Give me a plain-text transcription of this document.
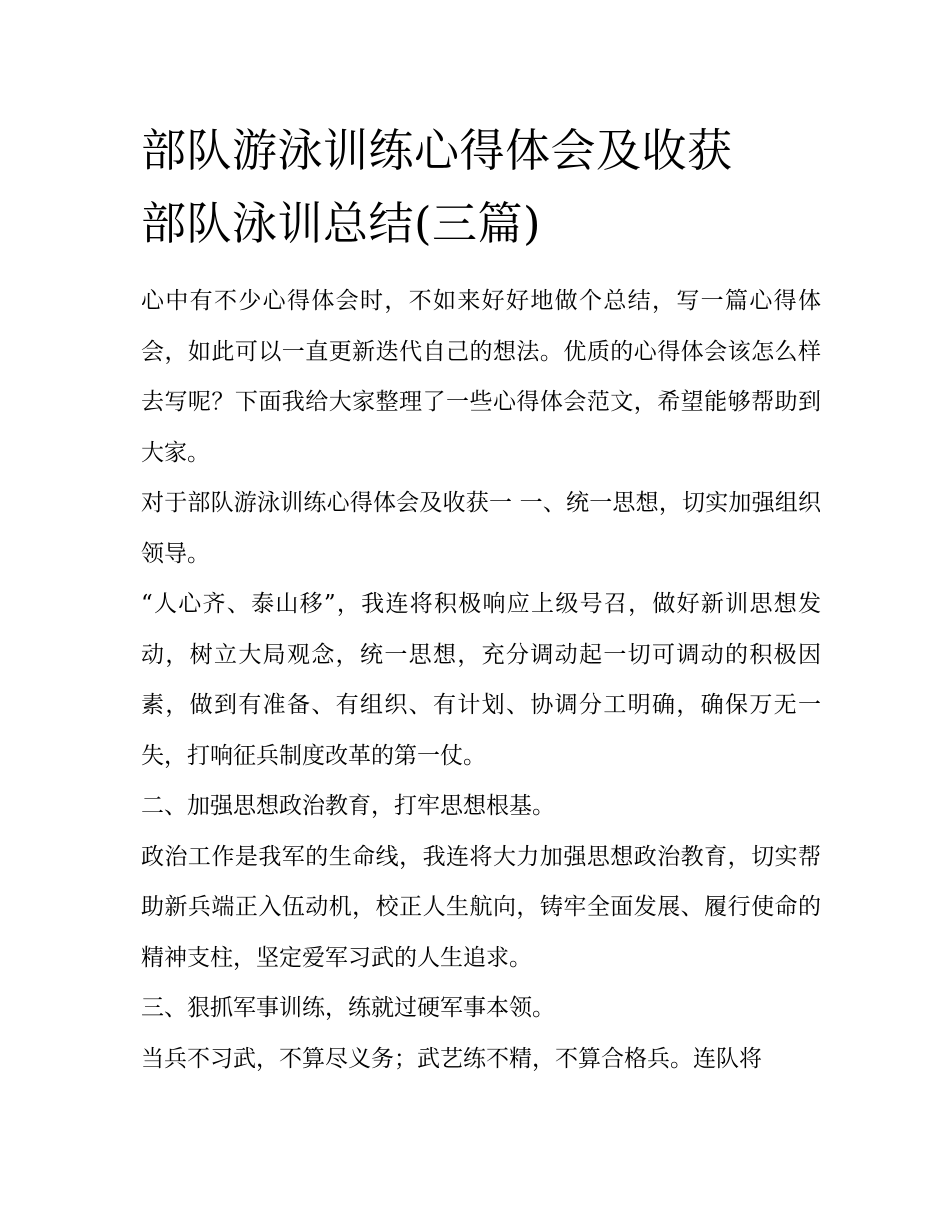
部队游泳训练心得体会及收获
部队泳训总结(三篇)

心中有不少心得体会时，不如来好好地做个总结，写一篇心得体会，如此可以一直更新迭代自己的想法。优质的心得体会该怎么样去写呢？下面我给大家整理了一些心得体会范文，希望能够帮助到大家。

对于部队游泳训练心得体会及收获一 一、统一思想，切实加强组织领导。

“人心齐、泰山移”，我连将积极响应上级号召，做好新训思想发动，树立大局观念，统一思想，充分调动起一切可调动的积极因素，做到有准备、有组织、有计划、协调分工明确，确保万无一失，打响征兵制度改革的第一仗。

二、加强思想政治教育，打牢思想根基。

政治工作是我军的生命线，我连将大力加强思想政治教育，切实帮助新兵端正入伍动机，校正人生航向，铸牢全面发展、履行使命的精神支柱，坚定爱军习武的人生追求。

三、狠抓军事训练，练就过硬军事本领。

当兵不习武，不算尽义务；武艺练不精，不算合格兵。连队将
